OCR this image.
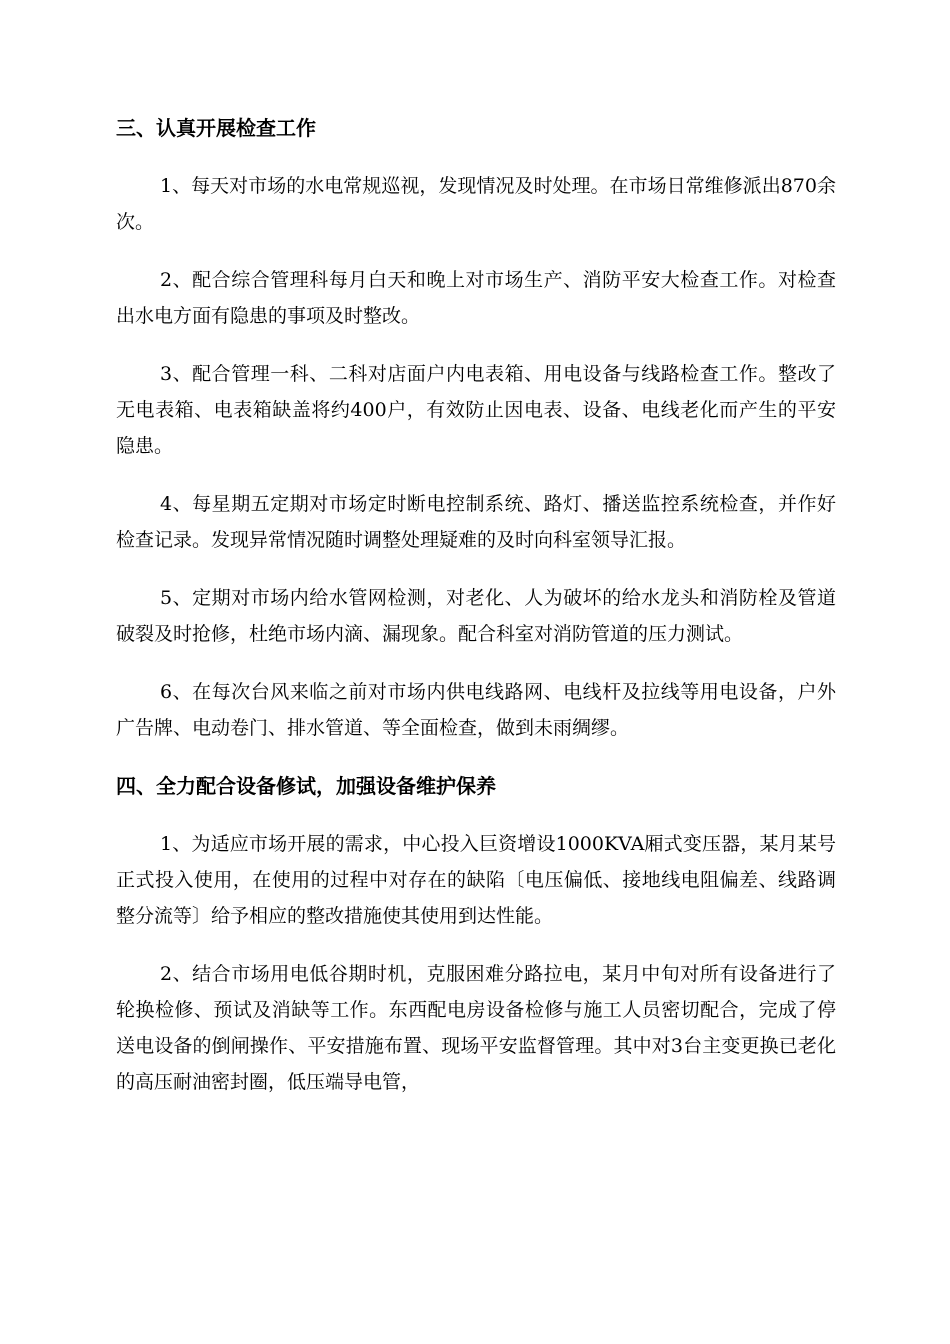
三、认真开展检查工作

1、每天对市场的水电常规巡视，发现情况及时处理。在市场日常维修派出870余次。

2、配合综合管理科每月白天和晚上对市场生产、消防平安大检查工作。对检查出水电方面有隐患的事项及时整改。

3、配合管理一科、二科对店面户内电表箱、用电设备与线路检查工作。整改了无电表箱、电表箱缺盖将约400户，有效防止因电表、设备、电线老化而产生的平安隐患。

4、每星期五定期对市场定时断电控制系统、路灯、播送监控系统检查，并作好检查记录。发现异常情况随时调整处理疑难的及时向科室领导汇报。

5、定期对市场内给水管网检测，对老化、人为破坏的给水龙头和消防栓及管道破裂及时抢修，杜绝市场内滴、漏现象。配合科室对消防管道的压力测试。

6、在每次台风来临之前对市场内供电线路网、电线杆及拉线等用电设备，户外广告牌、电动卷门、排水管道、等全面检查，做到未雨绸缪。

四、全力配合设备修试，加强设备维护保养

1、为适应市场开展的需求，中心投入巨资增设1000KVA厢式变压器，某月某号正式投入使用，在使用的过程中对存在的缺陷〔电压偏低、接地线电阻偏差、线路调整分流等〕给予相应的整改措施使其使用到达性能。

2、结合市场用电低谷期时机，克服困难分路拉电，某月中旬对所有设备进行了轮换检修、预试及消缺等工作。东西配电房设备检修与施工人员密切配合，完成了停送电设备的倒闸操作、平安措施布置、现场平安监督管理。其中对3台主变更换已老化的高压耐油密封圈，低压端导电管，
